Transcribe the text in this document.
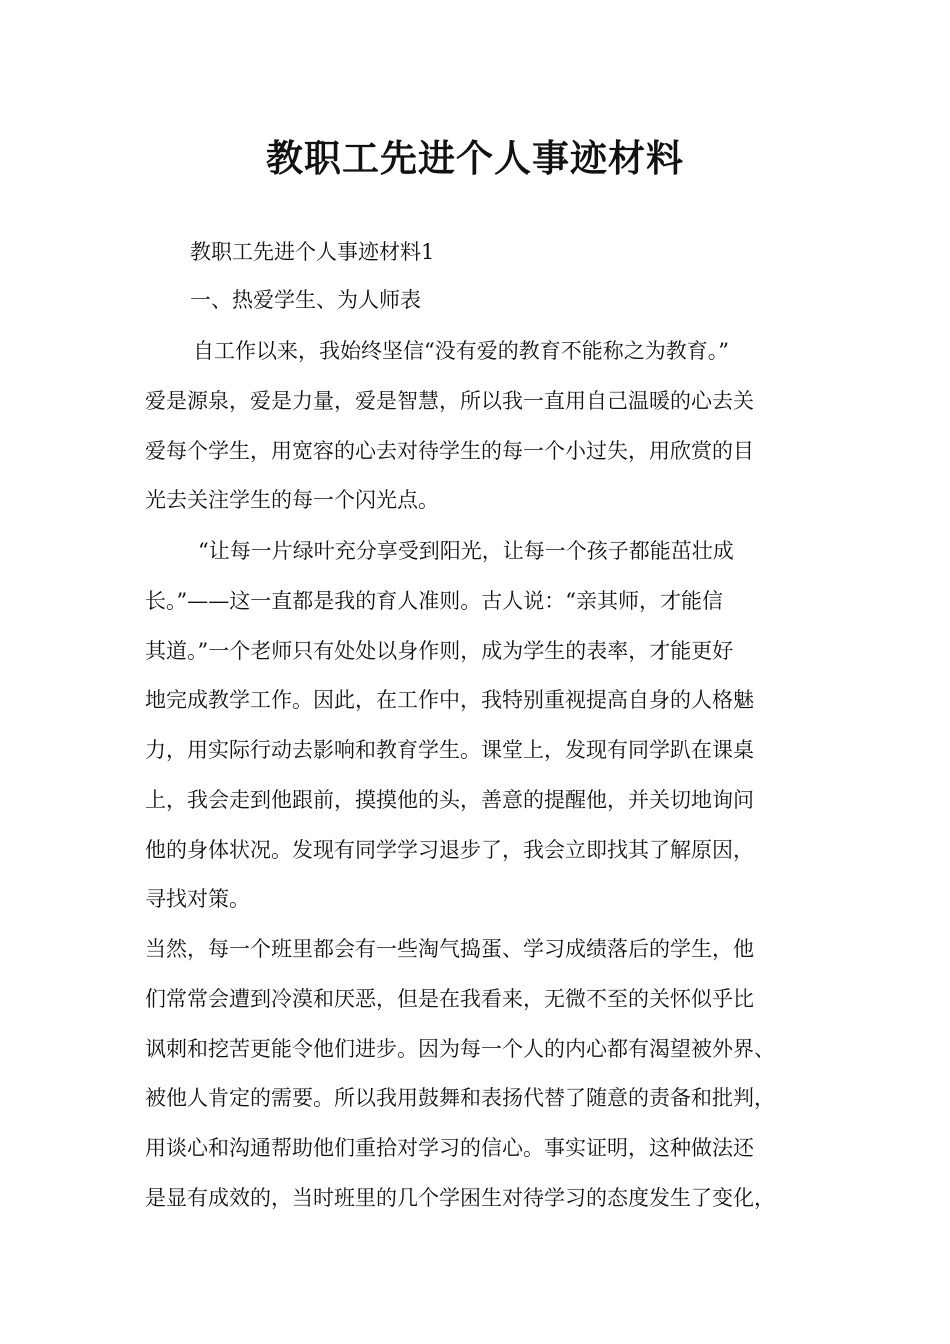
教职工先进个人事迹材料

教职工先进个人事迹材料1

一、热爱学生、为人师表

自工作以来，我始终坚信“没有爱的教育不能称之为教育。”

爱是源泉，爱是力量，爱是智慧，所以我一直用自己温暖的心去关

爱每个学生，用宽容的心去对待学生的每一个小过失，用欣赏的目

光去关注学生的每一个闪光点。

“让每一片绿叶充分享受到阳光，让每一个孩子都能茁壮成

长。”——这一直都是我的育人准则。古人说：“亲其师，才能信

其道。”一个老师只有处处以身作则，成为学生的表率，才能更好

地完成教学工作。因此，在工作中，我特别重视提高自身的人格魅

力，用实际行动去影响和教育学生。课堂上，发现有同学趴在课桌

上，我会走到他跟前，摸摸他的头，善意的提醒他，并关切地询问

他的身体状况。发现有同学学习退步了，我会立即找其了解原因，

寻找对策。

当然，每一个班里都会有一些淘气捣蛋、学习成绩落后的学生，他

们常常会遭到冷漠和厌恶，但是在我看来，无微不至的关怀似乎比

讽刺和挖苦更能令他们进步。因为每一个人的内心都有渴望被外界、

被他人肯定的需要。所以我用鼓舞和表扬代替了随意的责备和批判，

用谈心和沟通帮助他们重拾对学习的信心。事实证明，这种做法还

是显有成效的，当时班里的几个学困生对待学习的态度发生了变化，
